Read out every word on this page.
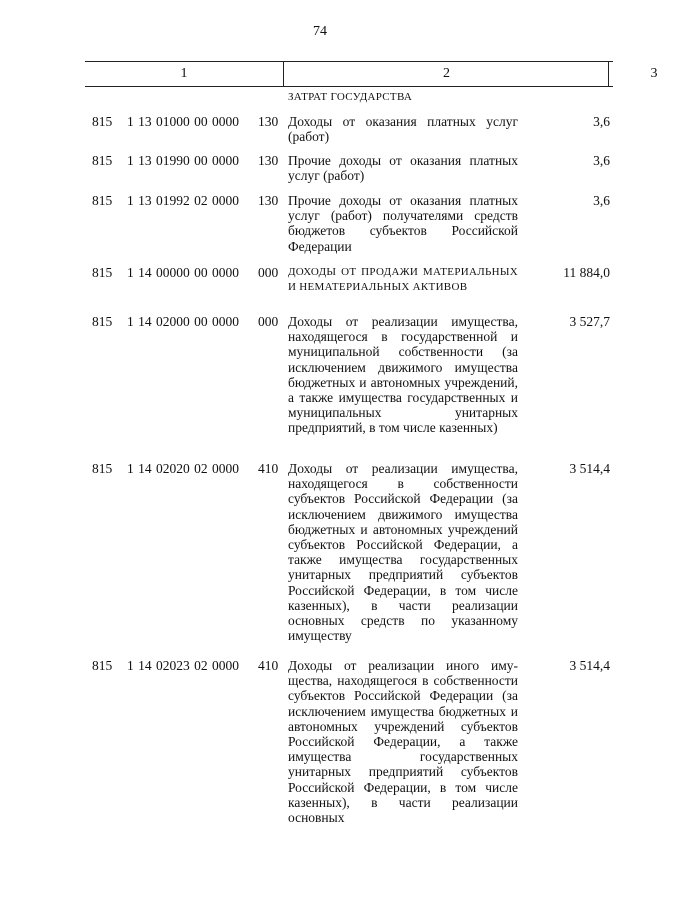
74
1	2	3
ЗАТРАТ ГОСУДАРСТВА
815 1 13 01000 00 0000 130 Доходы от оказания платных услуг (работ)
3,6
815 1 13 01990 00 0000 130 Прочие доходы от оказания платных услуг (работ)
3,6
815 1 13 01992 02 0000 130 Прочие доходы от оказания платных услуг (работ) получателями средств бюджетов субъектов Российской Федерации
3,6
815 1 14 00000 00 0000 000 ДОХОДЫ ОТ ПРОДАЖИ МАТЕРИАЛЬНЫХ И НЕМАТЕРИАЛЬНЫХ АКТИВОВ
11 884,0
815 1 14 02000 00 0000 000 Доходы от реализации имущества, находящегося в государственной и муниципальной собственности (за исключением движимого имущества бюджетных и автономных учреждений, а также имущества государственных и муниципальных унитарных предприятий, в том числе казенных)
3 527,7
815 1 14 02020 02 0000 410 Доходы от реализации имущества, находящегося в собственности субъектов Российской Федерации (за исключением движимого имущества бюджетных и автономных учреждений субъектов Российской Федерации, а также имущества государственных унитарных предприятий субъектов Российской Федерации, в том числе казенных), в части реализации основных средств по указанному имуществу
3 514,4
815 1 14 02023 02 0000 410 Доходы от реализации иного имущества, находящегося в собственности субъектов Российской Федерации (за исключением имущества бюджетных и автономных учреждений субъектов Российской Федерации, а также имущества государственных унитарных предприятий субъектов Российской Федерации, в том числе казенных), в части реализации основных
3 514,4
